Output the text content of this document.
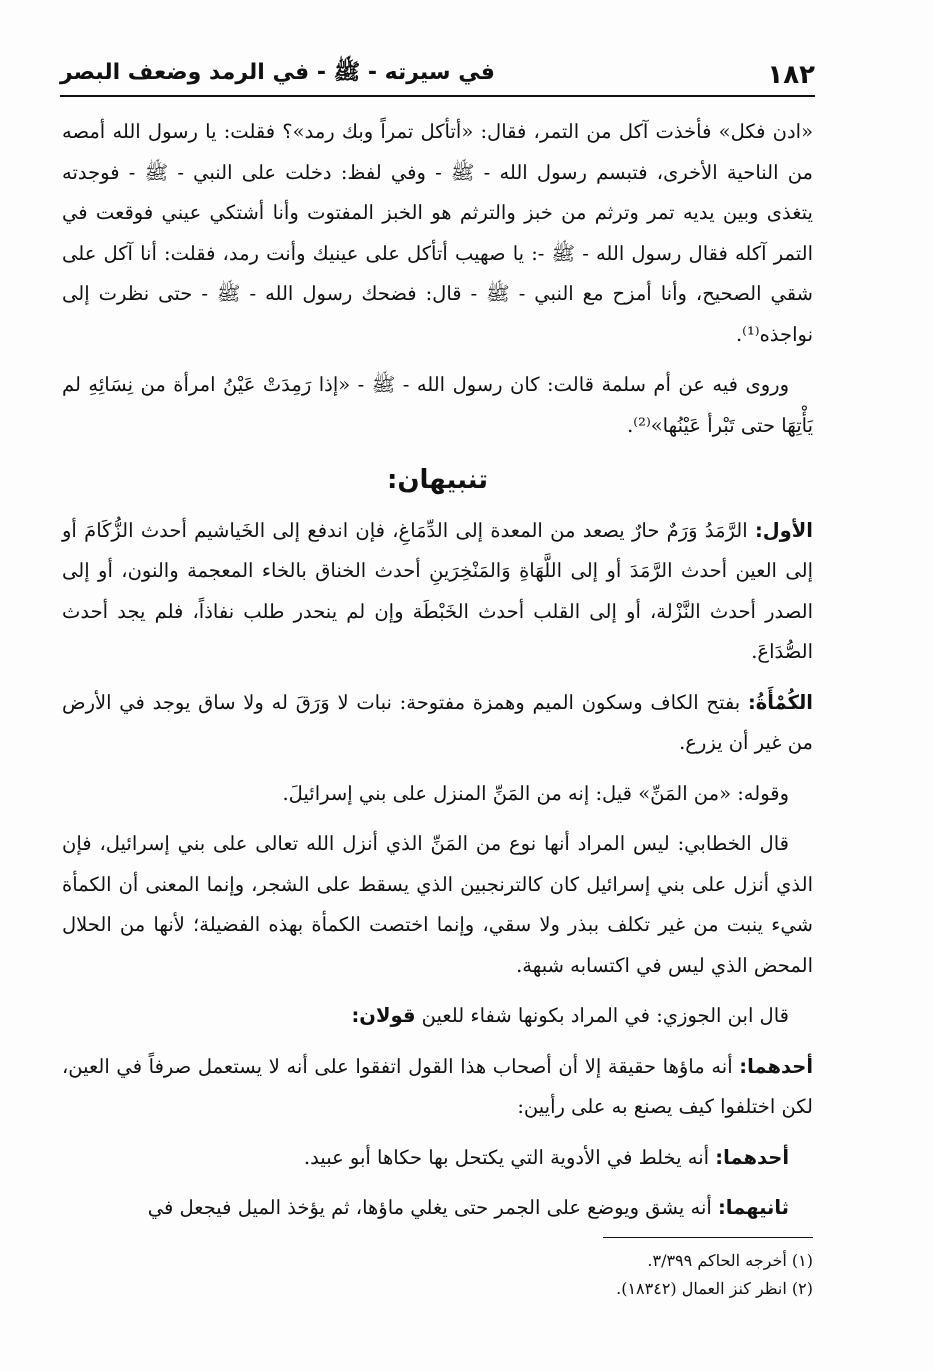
١٨٢
في سيرته - ﷺ - في الرمد وضعف البصر

«ادن فكل» فأخذت آكل من التمر، فقال: «أتأكل تمراً وبك رمد»؟ فقلت: يا رسول الله أمصه من الناحية الأخرى، فتبسم رسول الله - ﷺ - وفي لفظ: دخلت على النبي - ﷺ - فوجدته يتغذى وبين يديه تمر وترثم من خبز والترثم هو الخبز المفتوت وأنا أشتكي عيني فوقعت في التمر آكله فقال رسول الله - ﷺ -: يا صهيب أتأكل على عينيك وأنت رمد، فقلت: أنا آكل على شقي الصحيح، وأنا أمزح مع النبي - ﷺ - قال: فضحك رسول الله - ﷺ - حتى نظرت إلى نواجذه⁽¹⁾.

وروى فيه عن أم سلمة قالت: كان رسول الله - ﷺ - «إذا رَمِدَتْ عَيْنُ امرأة من نِسَائِهِ لم يَأْتِهَا حتى تَبْرأ عَيْنُها»⁽²⁾.

تنبيهان:

الأول: الرَّمَدُ وَرَمٌ حارٌ يصعد من المعدة إلى الدِّمَاغِ، فإن اندفع إلى الخَياشيم أحدث الزُّكَامَ أو إلى العين أحدث الرَّمَدَ أو إلى اللَّهَاةِ وَالمَنْخِرَينِ أحدث الخناق بالخاء المعجمة والنون، أو إلى الصدر أحدث النَّزْلة، أو إلى القلب أحدث الخَبْطَة وإن لم ينحدر طلب نفاذاً، فلم يجد أحدث الصُّدَاعَ.

الكُمْأَةُ: بفتح الكاف وسكون الميم وهمزة مفتوحة: نبات لا وَرَقَ له ولا ساق يوجد في الأرض من غير أن يزرع.

وقوله: «من المَنِّ» قيل: إنه من المَنِّ المنزل على بني إسرائيلَ.

قال الخطابي: ليس المراد أنها نوع من المَنِّ الذي أنزل الله تعالى على بني إسرائيل، فإن الذي أنزل على بني إسرائيل كان كالترنجبين الذي يسقط على الشجر، وإنما المعنى أن الكمأة شيء ينبت من غير تكلف ببذر ولا سقي، وإنما اختصت الكمأة بهذه الفضيلة؛ لأنها من الحلال المحض الذي ليس في اكتسابه شبهة.

قال ابن الجوزي: في المراد بكونها شفاء للعين قولان:

أحدهما: أنه ماؤها حقيقة إلا أن أصحاب هذا القول اتفقوا على أنه لا يستعمل صرفاً في العين، لكن اختلفوا كيف يصنع به على رأيين:

أحدهما: أنه يخلط في الأدوية التي يكتحل بها حكاها أبو عبيد.

ثانيهما: أنه يشق ويوضع على الجمر حتى يغلي ماؤها، ثم يؤخذ الميل فيجعل في

(١) أخرجه الحاكم ٣/٣٩٩.
(٢) انظر كنز العمال (١٨٣٤٢).
